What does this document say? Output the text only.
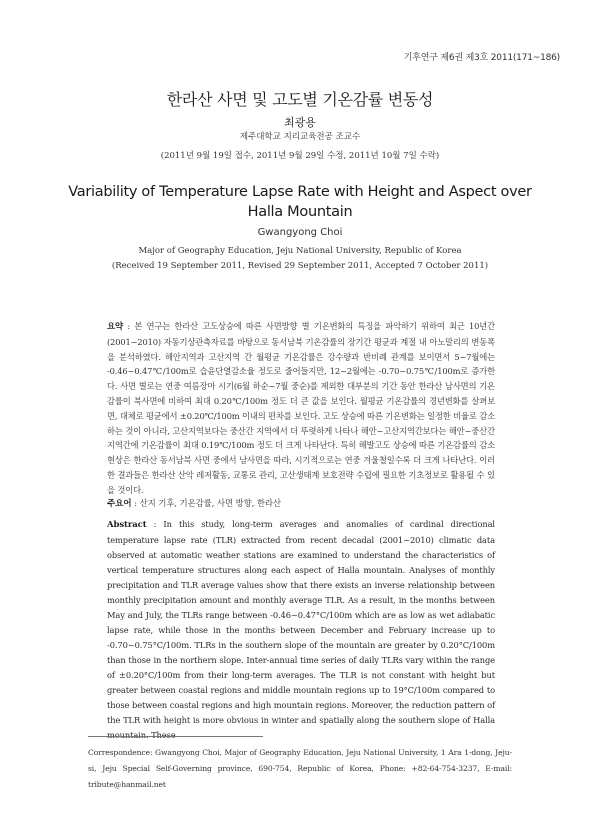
기후연구 제6권 제3호 2011(171~186)
한라산 사면 및 고도별 기온감률 변동성
최광용
제주대학교 지리교육전공 조교수
(2011년 9월 19일 접수, 2011년 9월 29일 수정, 2011년 10월 7일 수락)
Variability of Temperature Lapse Rate with Height and Aspect over Halla Mountain
Gwangyong Choi
Major of Geography Education, Jeju National University, Republic of Korea
(Received 19 September 2011, Revised 29 September 2011, Accepted 7 October 2011)
요약 : 본 연구는 한라산 고도상승에 따른 사면방향 별 기온변화의 특징을 파악하기 위하여 최근 10년간(2001~2010) 자동기상관측자료를 바탕으로 동서남북 기온감률의 장기간 평균과 계절 내 아노말리의 변동폭을 분석하였다. 해안지역과 고산지역 간 월평균 기온감률은 강수량과 반비례 관계를 보이면서 5~7월에는 -0.46~0.47℃/100m로 습윤단열감소율 정도로 줄어들지만, 12~2월에는 -0.70~0.75℃/100m로 증가한다. 사면 별로는 연중 여름장마 시기(6월 하순~7월 중순)를 제외한 대부분의 기간 동안 한라산 남사면의 기온감률이 북사면에 비하여 최대 0.20℃/100m 정도 더 큰 값을 보인다. 월평균 기온감률의 경년변화를 살펴보면, 대체로 평균에서 ±0.20℃/100m 이내의 편차를 보인다. 고도 상승에 따른 기온변화는 일정한 비율로 감소하는 것이 아니라, 고산지역보다는 중산간 지역에서 더 뚜렷하게 나타나 해안~고산지역간보다는 해안~중산간 지역간에 기온감률이 최대 0.19℃/100m 정도 더 크게 나타난다. 특히 해발고도 상승에 따른 기온감률의 감소현상은 한라산 동서남북 사면 중에서 남사면을 따라, 시기적으로는 연중 겨울철일수록 더 크게 나타난다. 이러한 결과들은 한라산 산악 레저활동, 교통로 관리, 고산생태계 보호전략 수립에 필요한 기초정보로 활용될 수 있을 것이다.
주요어 : 산지 기후, 기온감률, 사면 방향, 한라산
Abstract : In this study, long-term averages and anomalies of cardinal directional temperature lapse rate (TLR) extracted from recent decadal (2001~2010) climatic data observed at automatic weather stations are examined to understand the characteristics of vertical temperature structures along each aspect of Halla mountain. Analyses of monthly precipitation and TLR average values show that there exists an inverse relationship between monthly precipitation amount and monthly average TLR. As a result, in the months between May and July, the TLRs range between -0.46~0.47°C/100m which are as low as wet adiabatic lapse rate, while those in the months between December and February increase up to -0.70~0.75°C/100m. TLRs in the southern slope of the mountain are greater by 0.20°C/100m than those in the northern slope. Inter-annual time series of daily TLRs vary within the range of ±0.20°C/100m from their long-term averages. The TLR is not constant with height but greater between coastal regions and middle mountain regions up to 19°C/100m compared to those between coastal regions and high mountain regions. Moreover, the reduction pattern of the TLR with height is more obvious in winter and spatially along the southern slope of Halla mountain. These
Correspondence: Gwangyong Choi, Major of Geography Education, Jeju National University, 1 Ara 1-dong, Jeju-si, Jeju Special Self-Governing province, 690-754, Republic of Korea, Phone: +82-64-754-3237, E-mail: tribute@hanmail.net
